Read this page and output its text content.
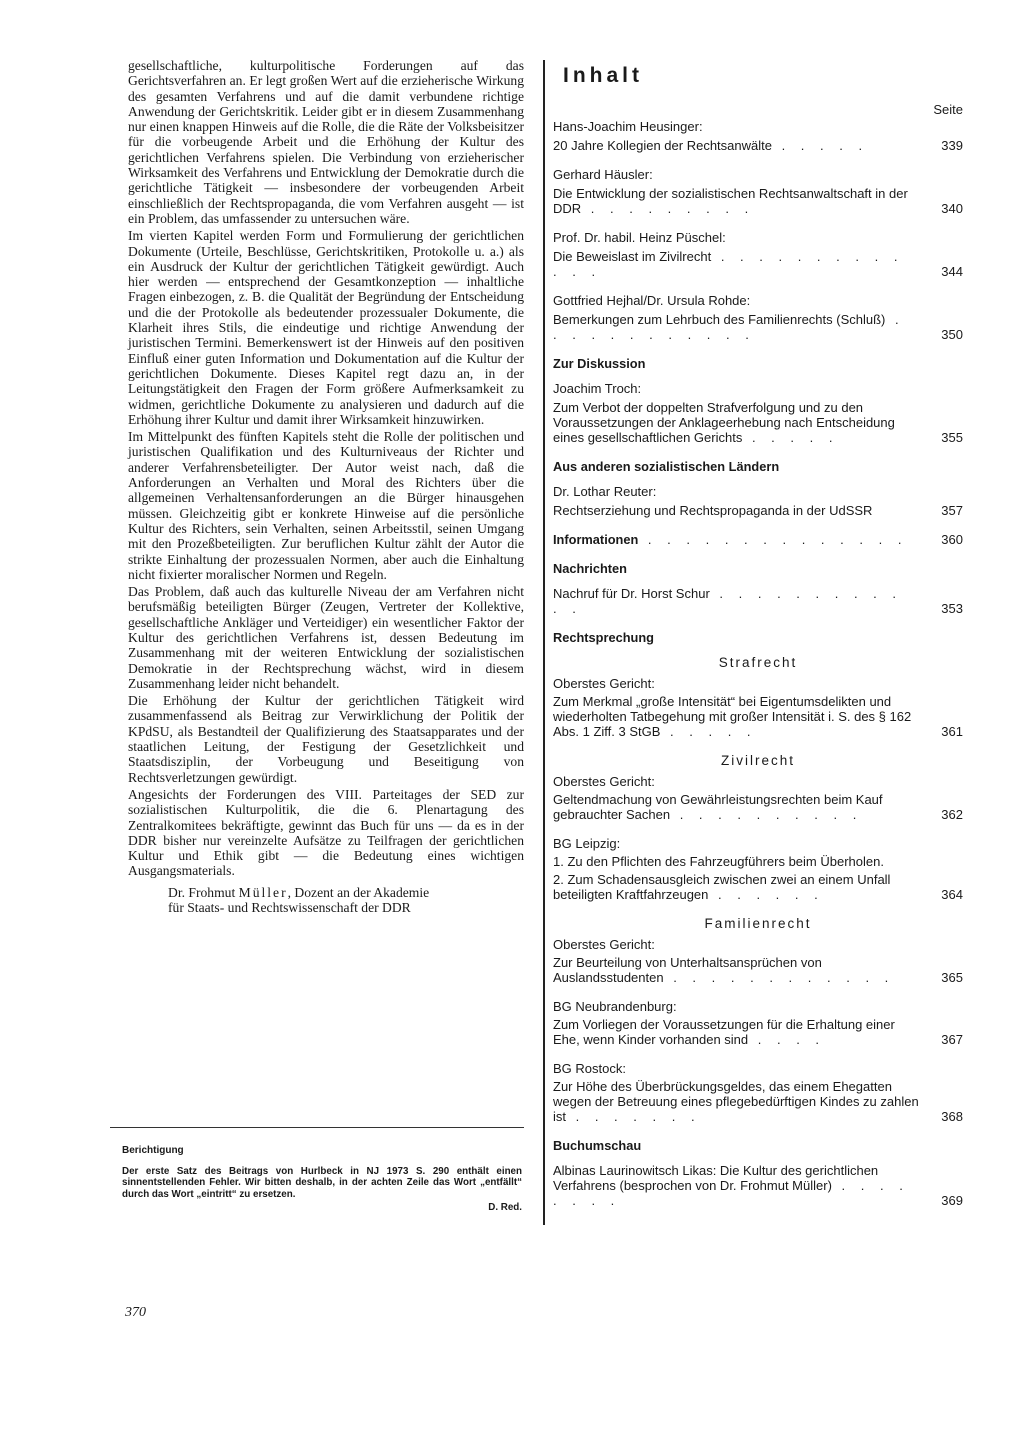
gesellschaftliche, kulturpolitische Forderungen auf das Gerichtsverfahren an. Er legt großen Wert auf die erzieherische Wirkung des gesamten Verfahrens und auf die damit verbundene richtige Anwendung der Gerichtskritik. Leider gibt er in diesem Zusammenhang nur einen knappen Hinweis auf die Rolle, die die Räte der Volksbeisitzer für die vorbeugende Arbeit und die Erhöhung der Kultur des gerichtlichen Verfahrens spielen. Die Verbindung von erzieherischer Wirksamkeit des Verfahrens und Entwicklung der Demokratie durch die gerichtliche Tätigkeit — insbesondere der vorbeugenden Arbeit einschließlich der Rechtspropaganda, die vom Verfahren ausgeht — ist ein Problem, das umfassender zu untersuchen wäre.

Im vierten Kapitel werden Form und Formulierung der gerichtlichen Dokumente (Urteile, Beschlüsse, Gerichtskritiken, Protokolle u. a.) als ein Ausdruck der Kultur der gerichtlichen Tätigkeit gewürdigt. Auch hier werden — entsprechend der Gesamtkonzeption — inhaltliche Fragen einbezogen, z. B. die Qualität der Begründung der Entscheidung und die der Protokolle als bedeutender prozessualer Dokumente, die Klarheit ihres Stils, die eindeutige und richtige Anwendung der juristischen Termini. Bemerkenswert ist der Hinweis auf den positiven Einfluß einer guten Information und Dokumentation auf die Kultur der gerichtlichen Dokumente. Dieses Kapitel regt dazu an, in der Leitungstätigkeit den Fragen der Form größere Aufmerksamkeit zu widmen, gerichtliche Dokumente zu analysieren und dadurch auf die Erhöhung ihrer Kultur und damit ihrer Wirksamkeit hinzuwirken.

Im Mittelpunkt des fünften Kapitels steht die Rolle der politischen und juristischen Qualifikation und des Kulturniveaus der Richter und anderer Verfahrensbeteiligter. Der Autor weist nach, daß die Anforderungen an Verhalten und Moral des Richters über die allgemeinen Verhaltensanforderungen an die Bürger hinausgehen müssen. Gleichzeitig gibt er konkrete Hinweise auf die persönliche Kultur des Richters, sein Verhalten, seinen Arbeitsstil, seinen Umgang mit den Prozeßbeteiligten. Zur beruflichen Kultur zählt der Autor die strikte Einhaltung der prozessualen Normen, aber auch die Einhaltung nicht fixierter moralischer Normen und Regeln.

Das Problem, daß auch das kulturelle Niveau der am Verfahren nicht berufsmäßig beteiligten Bürger (Zeugen, Vertreter der Kollektive, gesellschaftliche Ankläger und Verteidiger) ein wesentlicher Faktor der Kultur des gerichtlichen Verfahrens ist, dessen Bedeutung im Zusammenhang mit der weiteren Entwicklung der sozialistischen Demokratie in der Rechtsprechung wächst, wird in diesem Zusammenhang leider nicht behandelt.

Die Erhöhung der Kultur der gerichtlichen Tätigkeit wird zusammenfassend als Beitrag zur Verwirklichung der Politik der KPdSU, als Bestandteil der Qualifizierung des Staatsapparates und der staatlichen Leitung, der Festigung der Gesetzlichkeit und Staatsdisziplin, der Vorbeugung und Beseitigung von Rechtsverletzungen gewürdigt.

Angesichts der Forderungen des VIII. Parteitages der SED zur sozialistischen Kulturpolitik, die die 6. Plenartagung des Zentralkomitees bekräftigte, gewinnt das Buch für uns — da es in der DDR bisher nur vereinzelte Aufsätze zu Teilfragen der gerichtlichen Kultur und Ethik gibt — die Bedeutung eines wichtigen Ausgangsmaterials.

Dr. Frohmut Müller, Dozent an der Akademie
für Staats- und Rechtswissenschaft der DDR
Berichtigung

Der erste Satz des Beitrags von Hurlbeck in NJ 1973 S. 290 enthält einen sinnentstellenden Fehler. Wir bitten deshalb, in der achten Zeile das Wort „entfällt“ durch das Wort „eintritt“ zu ersetzen.

D. Red.
370
Inhalt
Seite
Hans-Joachim Heusinger:
20 Jahre Kollegien der Rechtsanwälte . . . . .	339
Gerhard Häusler:
Die Entwicklung der sozialistischen Rechtsanwaltschaft in der DDR . . . . . . . . .	340
Prof. Dr. habil. Heinz Püschel:
Die Beweislast im Zivilrecht . . . . . . . . . . . . .	344
Gottfried Hejhal/Dr. Ursula Rohde:
Bemerkungen zum Lehrbuch des Familienrechts (Schluß) . . . . . . . . . . . .	350
Zur Diskussion
Joachim Troch:
Zum Verbot der doppelten Strafverfolgung und zu den Voraussetzungen der Anklageerhebung nach Entscheidung eines gesellschaftlichen Gerichts . . . . .	355
Aus anderen sozialistischen Ländern
Dr. Lothar Reuter:
Rechtserziehung und Rechtspropaganda in der UdSSR	357
Informationen . . . . . . . . . . . . . .	360
Nachrichten
Nachruf für Dr. Horst Schur . . . . . . . . . . . .	353
Rechtsprechung
Strafrecht
Oberstes Gericht:
Zum Merkmal „große Intensität“ bei Eigentumsdelikten und wiederholten Tatbegehung mit großer Intensität i. S. des § 162 Abs. 1 Ziff. 3 StGB . . . . .	361
Zivilrecht
Oberstes Gericht:
Geltendmachung von Gewährleistungsrechten beim Kauf gebrauchter Sachen . . . . . . . . . .	362
BG Leipzig:
1. Zu den Pflichten des Fahrzeugführers beim Überholen.
2. Zum Schadensausgleich zwischen zwei an einem Unfall beteiligten Kraftfahrzeugen . . . . . .	364
Familienrecht
Oberstes Gericht:
Zur Beurteilung von Unterhaltsansprüchen von Auslandsstudenten . . . . . . . . . . . .	365
BG Neubrandenburg:
Zum Vorliegen der Voraussetzungen für die Erhaltung einer Ehe, wenn Kinder vorhanden sind . . . .	367
BG Rostock:
Zur Höhe des Überbrückungsgeldes, das einem Ehegatten wegen der Betreuung eines pflegebedürftigen Kindes zu zahlen ist . . . . . . .	368
Buchumschau
Albinas Laurinowitsch Likas: Die Kultur des gerichtlichen Verfahrens (besprochen von Dr. Frohmut Müller) . . . . . . . .	369
